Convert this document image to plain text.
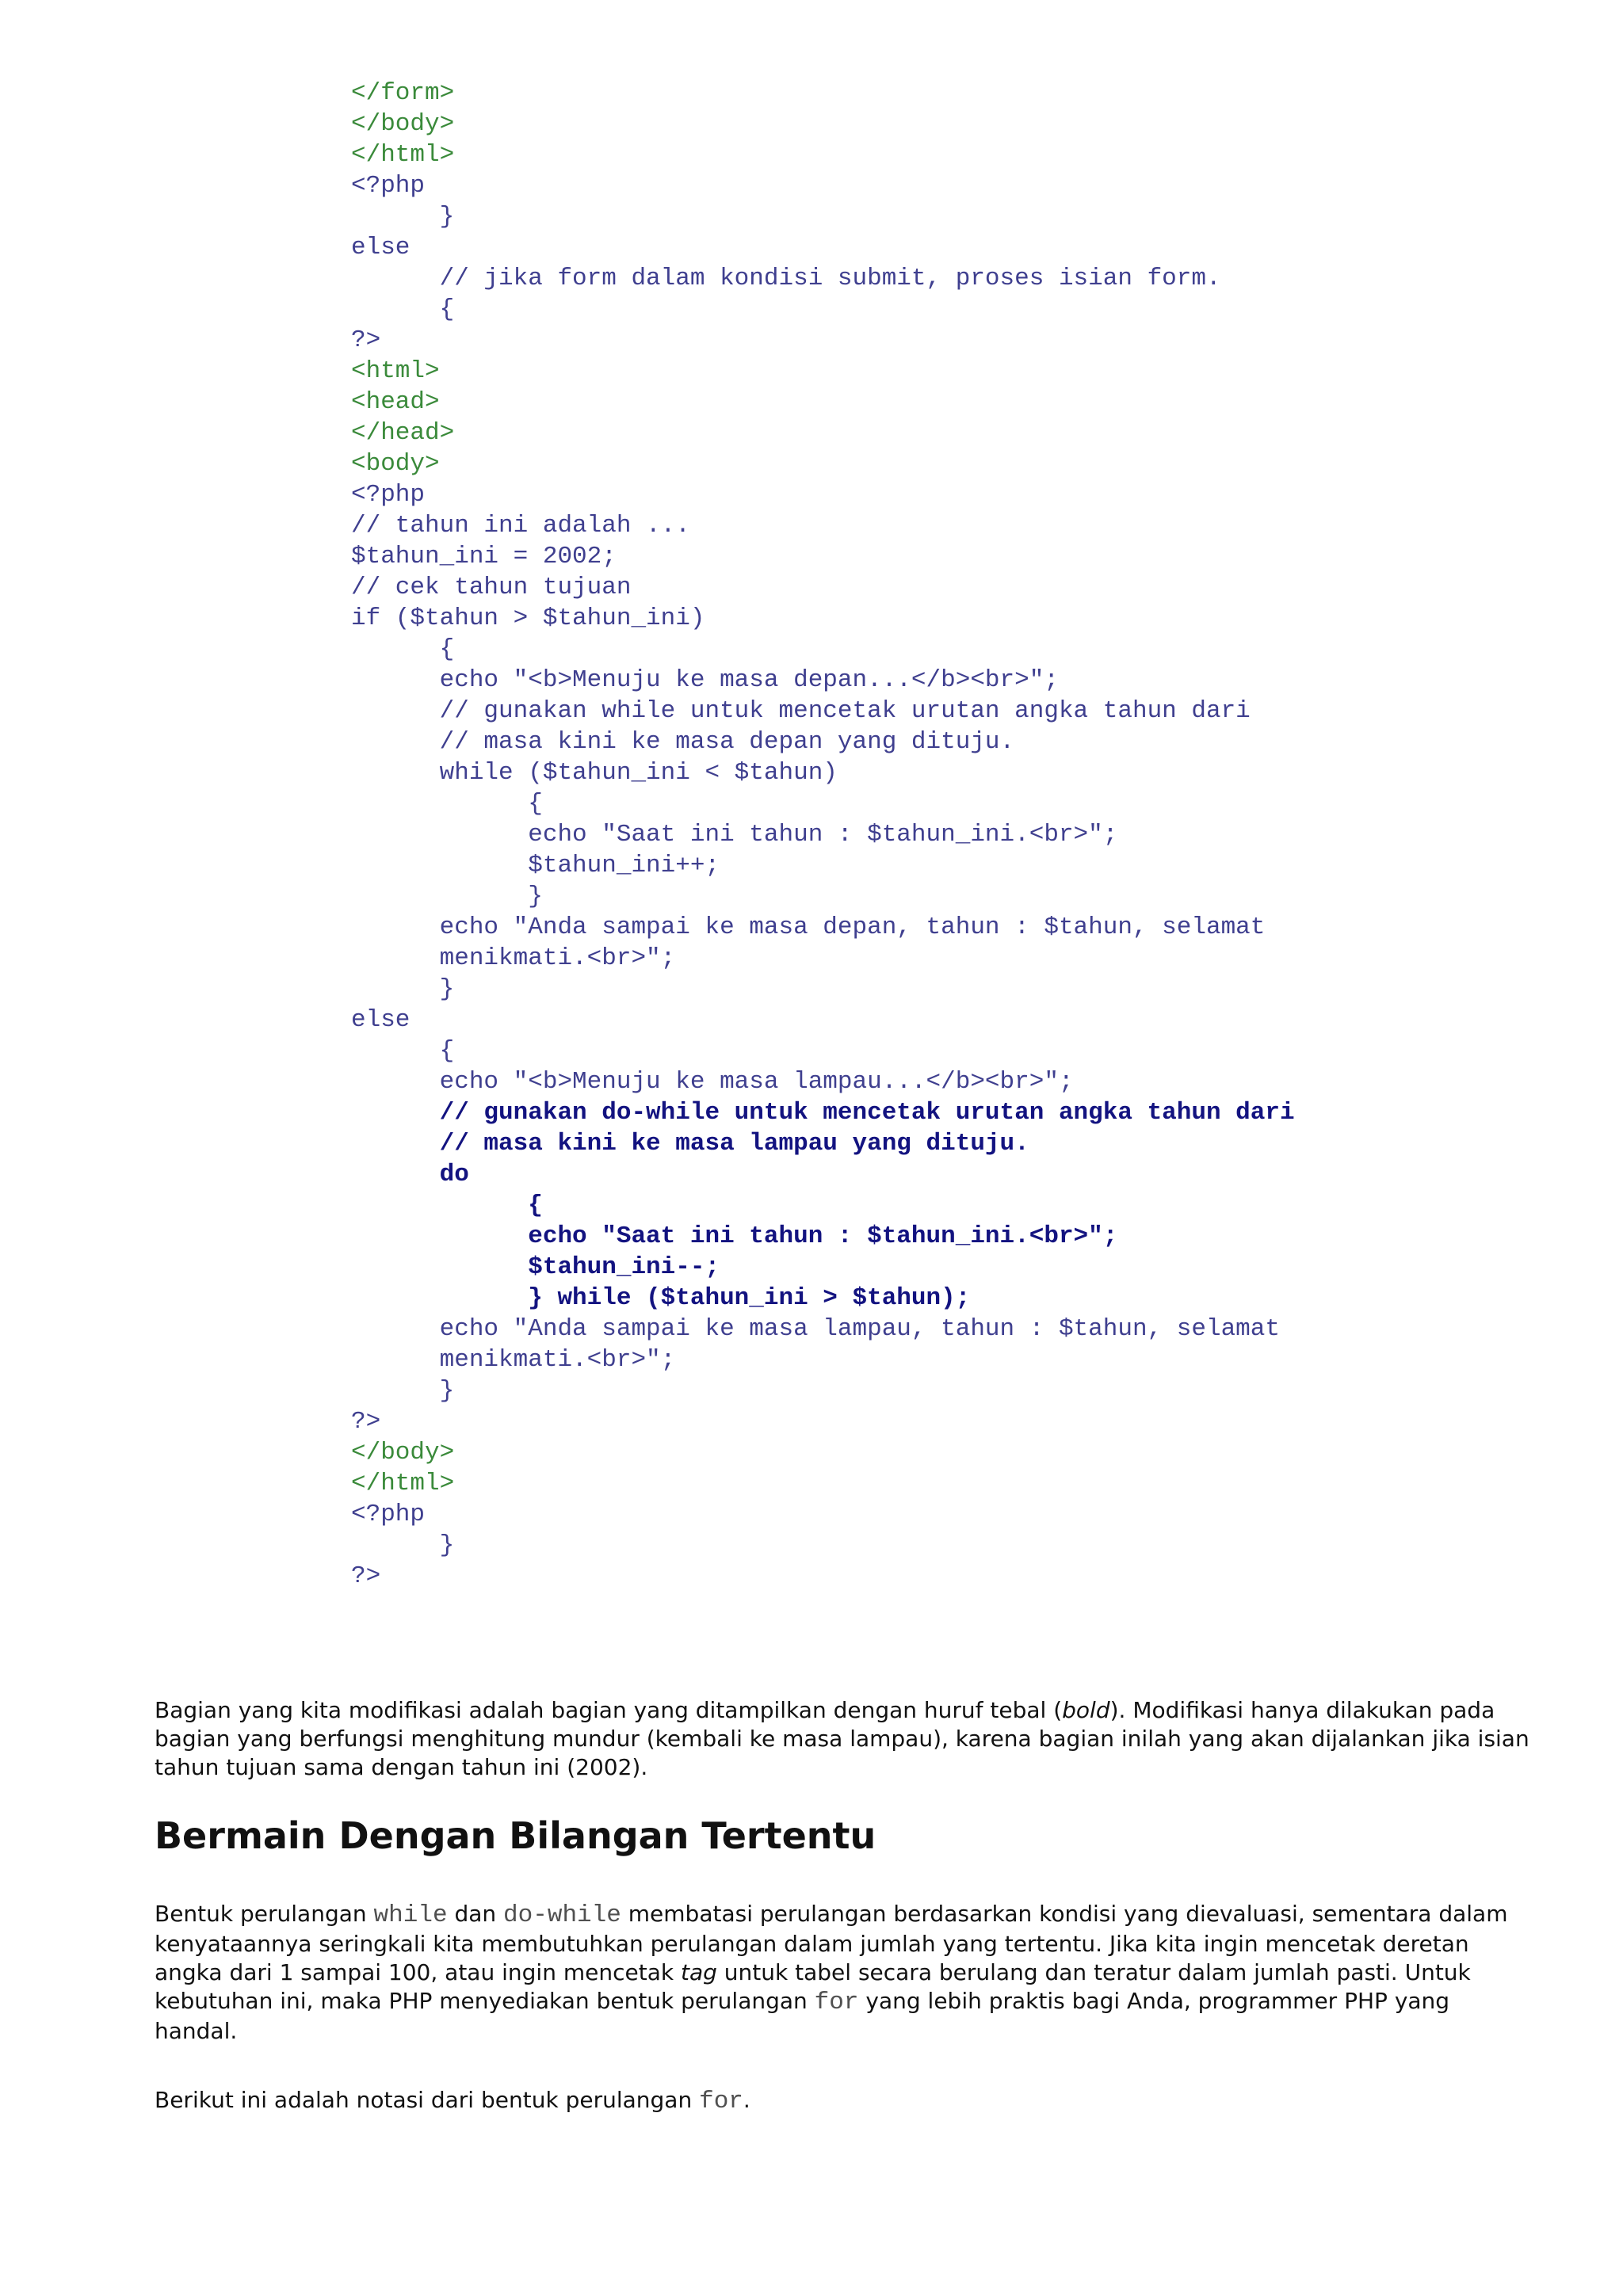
</form>
</body>
</html>
<?php
}
else
// jika form dalam kondisi submit, proses isian form.
{
?>
<html>
<head>
</head>
<body>
<?php
// tahun ini adalah ...
$tahun_ini = 2002;
// cek tahun tujuan
if ($tahun > $tahun_ini)
{
echo "<b>Menuju ke masa depan...</b><br>";
// gunakan while untuk mencetak urutan angka tahun dari
// masa kini ke masa depan yang dituju.
while ($tahun_ini < $tahun)
{
echo "Saat ini tahun : $tahun_ini.<br>";
$tahun_ini++;
}
echo "Anda sampai ke masa depan, tahun : $tahun, selamat
menikmati.<br>";
}
else
{
echo "<b>Menuju ke masa lampau...</b><br>";
// gunakan do-while untuk mencetak urutan angka tahun dari
// masa kini ke masa lampau yang dituju.
do
{
echo "Saat ini tahun : $tahun_ini.<br>";
$tahun_ini--;
} while ($tahun_ini > $tahun);
echo "Anda sampai ke masa lampau, tahun : $tahun, selamat
menikmati.<br>";
}
?>
</body>
</html>
<?php
}
?>

Bagian yang kita modifikasi adalah bagian yang ditampilkan dengan huruf tebal (bold). Modifikasi hanya dilakukan pada bagian yang berfungsi menghitung mundur (kembali ke masa lampau), karena bagian inilah yang akan dijalankan jika isian tahun tujuan sama dengan tahun ini (2002).

Bermain Dengan Bilangan Tertentu

Bentuk perulangan while dan do-while membatasi perulangan berdasarkan kondisi yang dievaluasi, sementara dalam kenyataannya seringkali kita membutuhkan perulangan dalam jumlah yang tertentu. Jika kita ingin mencetak deretan angka dari 1 sampai 100, atau ingin mencetak tag untuk tabel secara berulang dan teratur dalam jumlah pasti. Untuk kebutuhan ini, maka PHP menyediakan bentuk perulangan for yang lebih praktis bagi Anda, programmer PHP yang handal.

Berikut ini adalah notasi dari bentuk perulangan for.
